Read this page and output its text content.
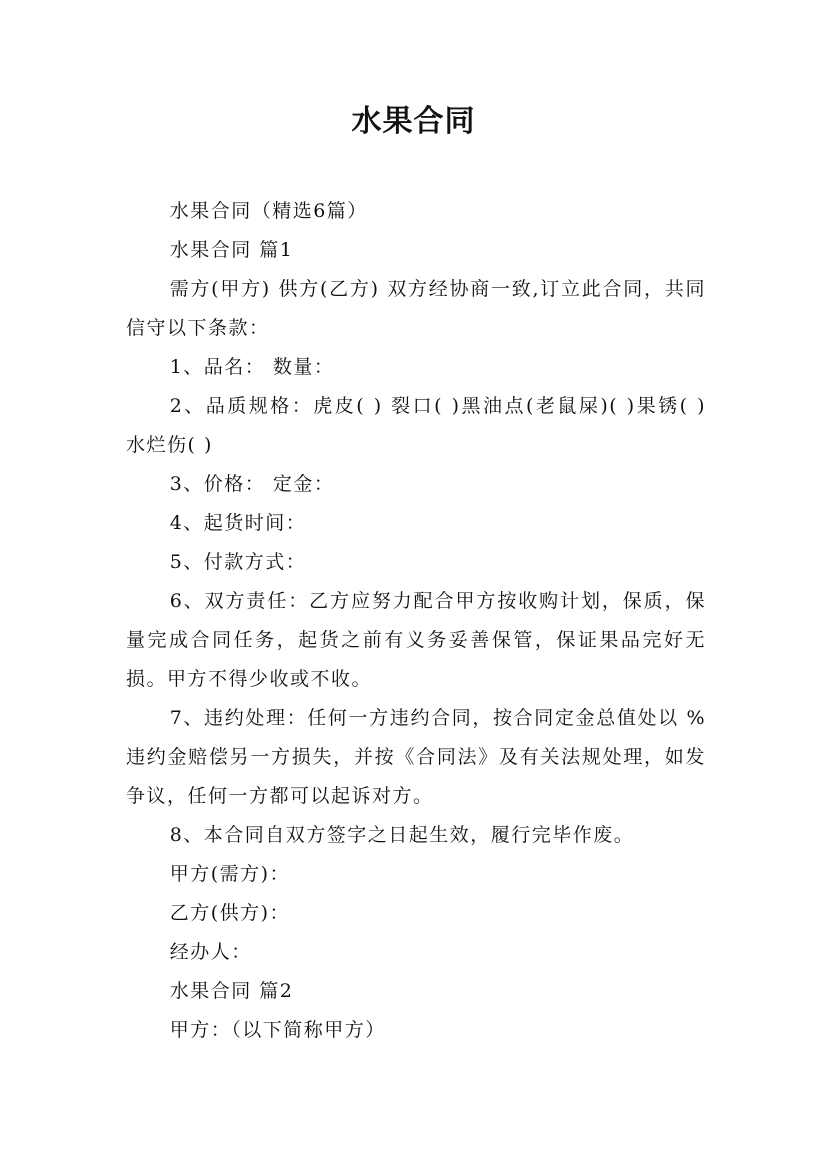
水果合同

水果合同（精选6篇）

水果合同 篇1

需方(甲方) 供方(乙方) 双方经协商一致,订立此合同，共同信守以下条款：

1、品名： 数量：

2、品质规格：虎皮( ) 裂口( )黑油点(老鼠屎)( )果锈( ) 水烂伤( )

3、价格： 定金：

4、起货时间：

5、付款方式：

6、双方责任：乙方应努力配合甲方按收购计划，保质，保量完成合同任务，起货之前有义务妥善保管，保证果品完好无损。甲方不得少收或不收。

7、违约处理：任何一方违约合同，按合同定金总值处以 %违约金赔偿另一方损失，并按《合同法》及有关法规处理，如发争议，任何一方都可以起诉对方。

8、本合同自双方签字之日起生效，履行完毕作废。

甲方(需方)：

乙方(供方)：

经办人：

水果合同 篇2

甲方：（以下简称甲方）
